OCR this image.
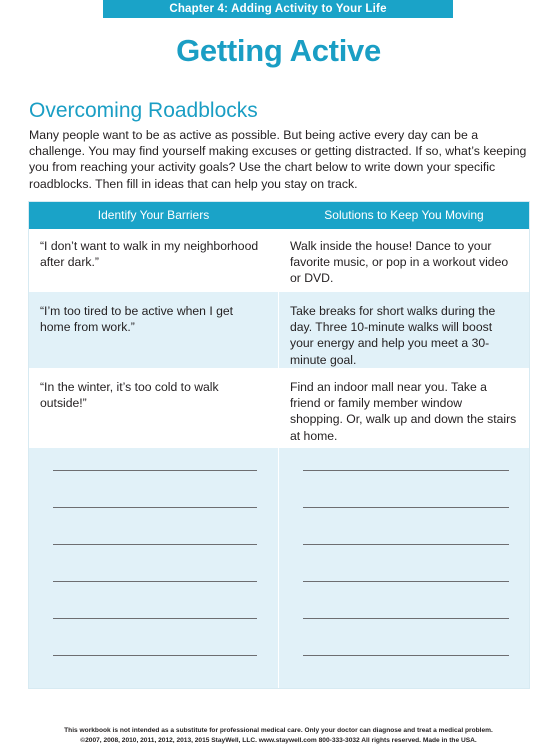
Chapter 4: Adding Activity to Your Life
Getting Active
Overcoming Roadblocks
Many people want to be as active as possible. But being active every day can be a challenge. You may find yourself making excuses or getting distracted. If so, what’s keeping you from reaching your activity goals? Use the chart below to write down your specific roadblocks. Then fill in ideas that can help you stay on track.
Identify Your Barriers	Solutions to Keep You Moving
“I don’t want to walk in my neighborhood after dark.”
Walk inside the house! Dance to your favorite music, or pop in a workout video or DVD.
“I’m too tired to be active when I get home from work.”
Take breaks for short walks during the day. Three 10-minute walks will boost your energy and help you meet a 30-minute goal.
“In the winter, it’s too cold to walk outside!”
Find an indoor mall near you. Take a friend or family member window shopping. Or, walk up and down the stairs at home.
This workbook is not intended as a substitute for professional medical care. Only your doctor can diagnose and treat a medical problem.
©2007, 2008, 2010, 2011, 2012, 2013, 2015 StayWell, LLC. www.staywell.com 800-333-3032 All rights reserved. Made in the USA.
